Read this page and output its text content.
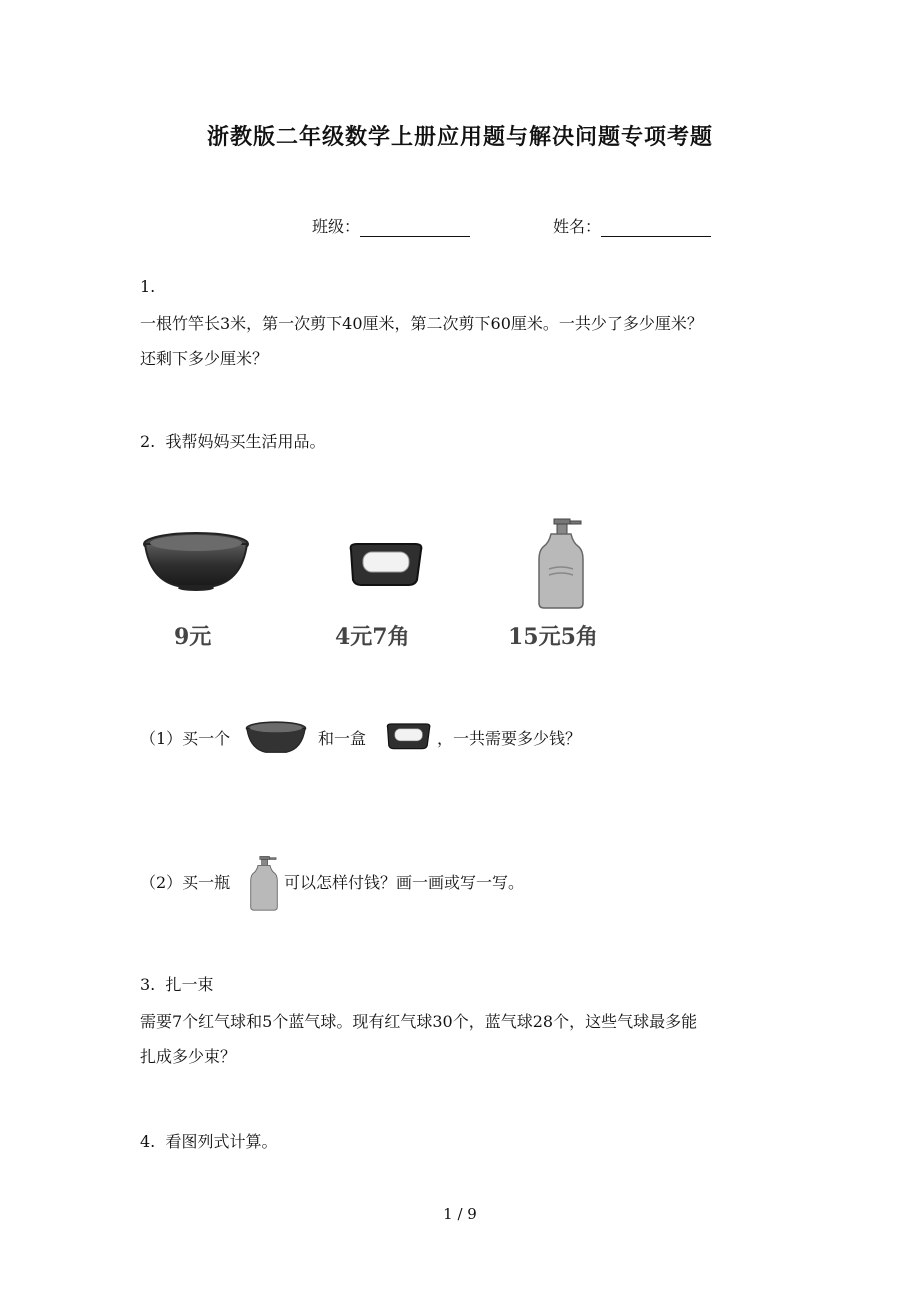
浙教版二年级数学上册应用题与解决问题专项考题
班级：	姓名：
1.
一根竹竿长3米，第一次剪下40厘米，第二次剪下60厘米。一共少了多少厘米？
还剩下多少厘米？
2. 我帮妈妈买生活用品。
9元	4元7角	15元5角
（1）买一个	和一盒	，一共需要多少钱？
（2）买一瓶	可以怎样付钱？画一画或写一写。
3. 扎一束
需要7个红气球和5个蓝气球。现有红气球30个，蓝气球28个，这些气球最多能
扎成多少束？
4. 看图列式计算。
1 / 9
